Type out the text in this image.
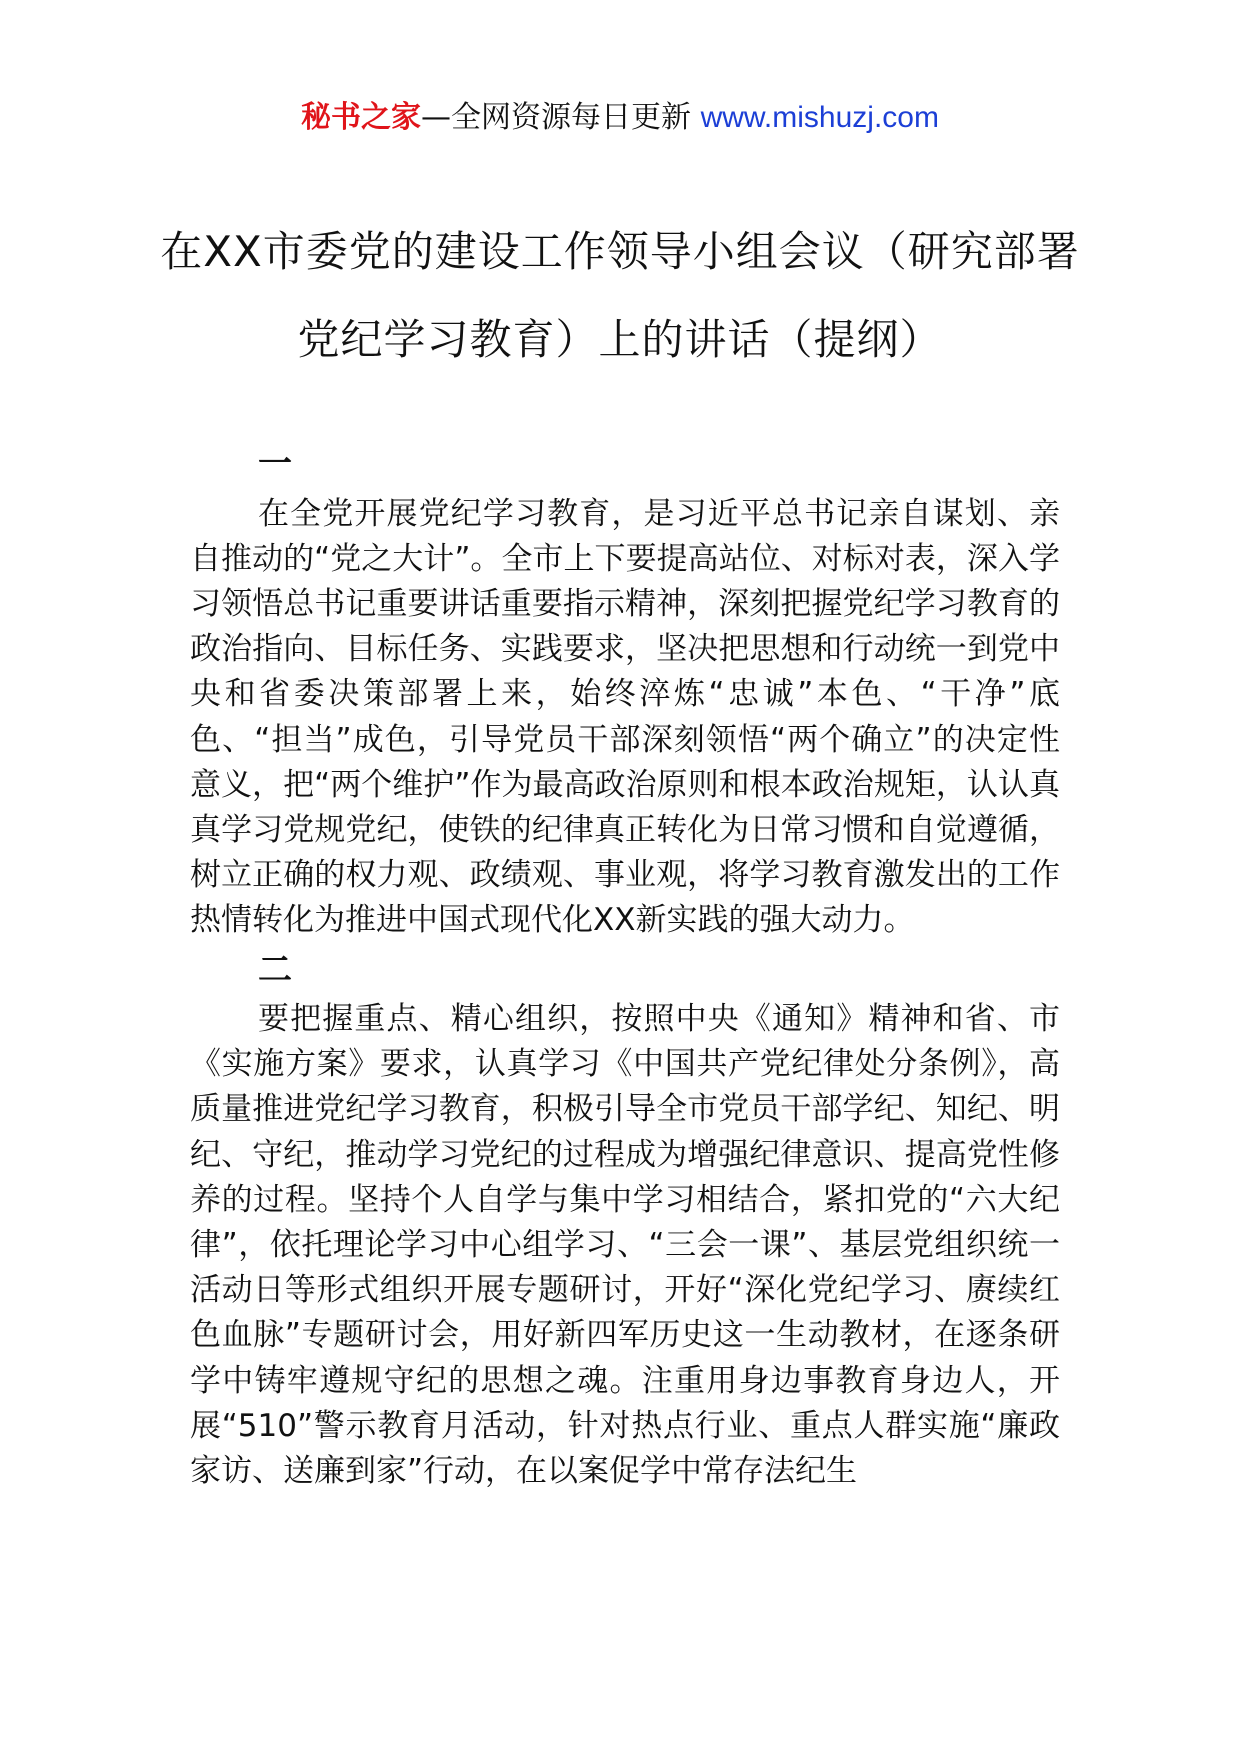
秘书之家—全网资源每日更新 www.mishuzj.com
在XX市委党的建设工作领导小组会议（研究部署党纪学习教育）上的讲话（提纲）

一

在全党开展党纪学习教育，是习近平总书记亲自谋划、亲自推动的“党之大计”。全市上下要提高站位、对标对表，深入学习领悟总书记重要讲话重要指示精神，深刻把握党纪学习教育的政治指向、目标任务、实践要求，坚决把思想和行动统一到党中央和省委决策部署上来，始终淬炼“忠诚”本色、“干净”底色、“担当”成色，引导党员干部深刻领悟“两个确立”的决定性意义，把“两个维护”作为最高政治原则和根本政治规矩，认认真真学习党规党纪，使铁的纪律真正转化为日常习惯和自觉遵循，树立正确的权力观、政绩观、事业观，将学习教育激发出的工作热情转化为推进中国式现代化XX新实践的强大动力。

二

要把握重点、精心组织，按照中央《通知》精神和省、市《实施方案》要求，认真学习《中国共产党纪律处分条例》，高质量推进党纪学习教育，积极引导全市党员干部学纪、知纪、明纪、守纪，推动学习党纪的过程成为增强纪律意识、提高党性修养的过程。坚持个人自学与集中学习相结合，紧扣党的“六大纪律”，依托理论学习中心组学习、“三会一课”、基层党组织统一活动日等形式组织开展专题研讨，开好“深化党纪学习、赓续红色血脉”专题研讨会，用好新四军历史这一生动教材，在逐条研学中铸牢遵规守纪的思想之魂。注重用身边事教育身边人，开展“510”警示教育月活动，针对热点行业、重点人群实施“廉政家访、送廉到家”行动，在以案促学中常存法纪生
